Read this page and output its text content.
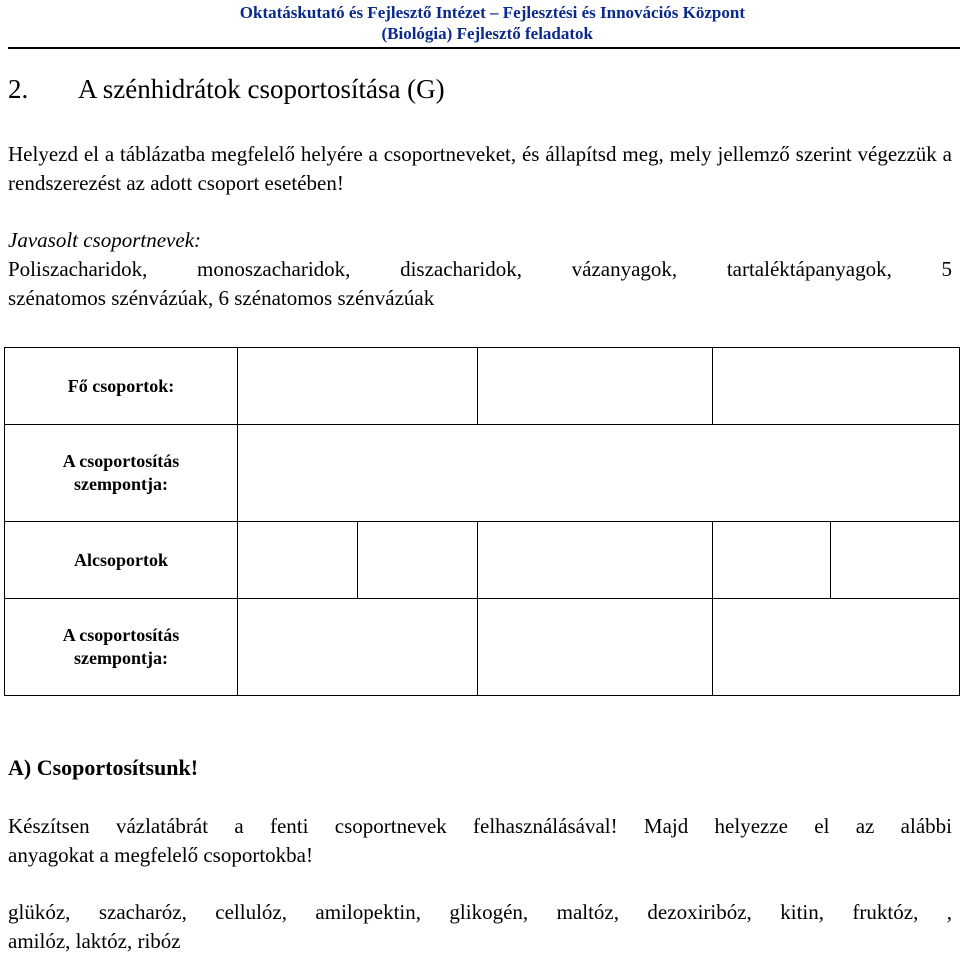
Oktatáskutató és Fejlesztő Intézet – Fejlesztési és Innovációs Központ
(Biológia) Fejlesztő feladatok
2. A szénhidrátok csoportosítása (G)
Helyezd el a táblázatba megfelelő helyére a csoportneveket, és állapítsd meg, mely jellemző szerint végezzük a rendszerezést az adott csoport esetében!
Javasolt csoportnevek:
Poliszacharidok, monoszacharidok, diszacharidok, vázanyagok, tartaléktápanyagok, 5
szénatomos szénvázúak, 6 szénatomos szénvázúak
Fő csoportok:				

A csoportosítás
szempontja:				

Alcsoportok				

A csoportosítás
szempontja:				

A) Csoportosítsunk!
Készítsen vázlatábrát a fenti csoportnevek felhasználásával! Majd helyezze el az alábbi
anyagokat a megfelelő csoportokba!
glükóz, szacharóz, cellulóz, amilopektin, glikogén, maltóz, dezoxiribóz, kitin, fruktóz, ,
amilóz, laktóz, ribóz
